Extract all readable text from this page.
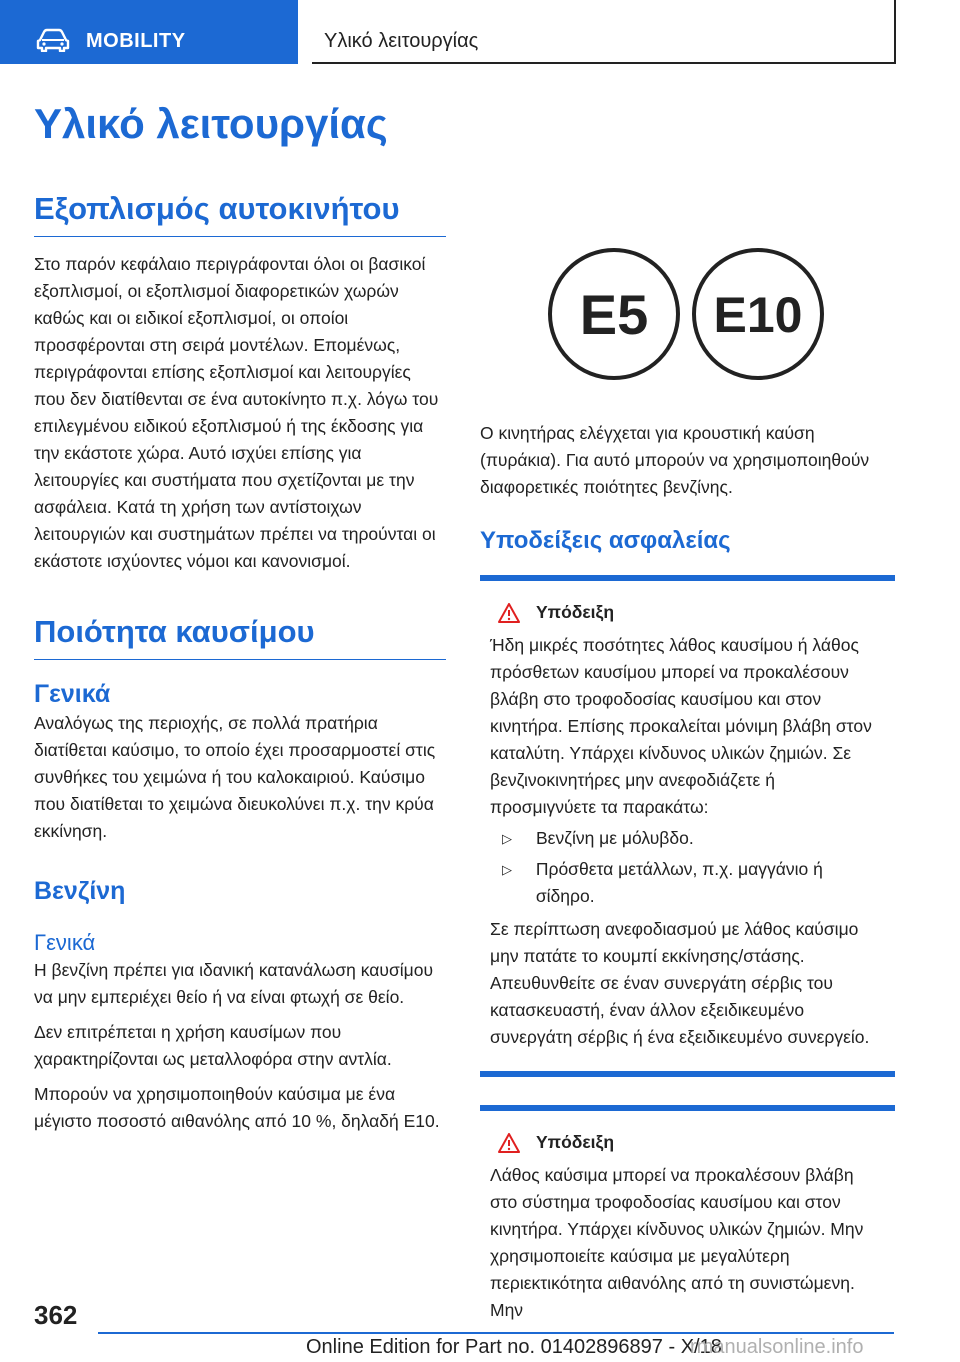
MOBILITY	Υλικό λειτουργίας
Υλικό λειτουργίας
Εξοπλισμός αυτοκινήτου

Στο παρόν κεφάλαιο περιγράφονται όλοι οι βασικοί εξοπλισμοί, οι εξοπλισμοί διαφορετικών χωρών καθώς και οι ειδικοί εξοπλισμοί, οι οποίοι προσφέρονται στη σειρά μοντέλων. Επομένως, περιγράφονται επίσης εξοπλισμοί και λειτουργίες που δεν διατίθενται σε ένα αυτοκίνητο π.χ. λόγω του επιλεγμένου ειδικού εξοπλισμού ή της έκδοσης για την εκάστοτε χώρα. Αυτό ισχύει επίσης για λειτουργίες και συστήματα που σχετίζονται με την ασφάλεια. Κατά τη χρήση των αντίστοιχων λειτουργιών και συστημάτων πρέπει να τηρούνται οι εκάστοτε ισχύοντες νόμοι και κανονισμοί.

Ποιότητα καυσίμου
Γενικά

Αναλόγως της περιοχής, σε πολλά πρατήρια διατίθεται καύσιμο, το οποίο έχει προσαρμοστεί στις συνθήκες του χειμώνα ή του καλοκαιριού. Καύσιμο που διατίθεται το χειμώνα διευκολύνει π.χ. την κρύα εκκίνηση.

Βενζίνη
Γενικά

Η βενζίνη πρέπει για ιδανική κατανάλωση καυσίμου να μην εμπεριέχει θείο ή να είναι φτωχή σε θείο.

Δεν επιτρέπεται η χρήση καυσίμων που χαρακτηρίζονται ως μεταλλοφόρα στην αντλία.

Μπορούν να χρησιμοποιηθούν καύσιμα με ένα μέγιστο ποσοστό αιθανόλης από 10 %, δηλαδή E10.

E5 E10

Ο κινητήρας ελέγχεται για κρουστική καύση (πυράκια). Για αυτό μπορούν να χρησιμοποιηθούν διαφορετικές ποιότητες βενζίνης.

Υποδείξεις ασφαλείας
Υπόδειξη

Ήδη μικρές ποσότητες λάθος καυσίμου ή λάθος πρόσθετων καυσίμου μπορεί να προκαλέσουν βλάβη στο τροφοδοσίας καυσίμου και στον κινητήρα. Επίσης προκαλείται μόνιμη βλάβη στον καταλύτη. Υπάρχει κίνδυνος υλικών ζημιών. Σε βενζινοκινητήρες μην ανεφοδιάζετε ή προσμιγνύετε τα παρακάτω:

▷	Βενζίνη με μόλυβδο.
▷	Πρόσθετα μετάλλων, π.χ. μαγγάνιο ή σίδηρο.

Σε περίπτωση ανεφοδιασμού με λάθος καύσιμο μην πατάτε το κουμπί εκκίνησης/στάσης. Απευθυνθείτε σε έναν συνεργάτη σέρβις του κατασκευαστή, έναν άλλον εξειδικευμένο συνεργάτη σέρβις ή ένα εξειδικευμένο συνεργείο.

Υπόδειξη

Λάθος καύσιμα μπορεί να προκαλέσουν βλάβη στο σύστημα τροφοδοσίας καυσίμου και στον κινητήρα. Υπάρχει κίνδυνος υλικών ζημιών. Μην χρησιμοποιείτε καύσιμα με μεγαλύτερη περιεκτικότητα αιθανόλης από τη συνιστώμενη. Μην

362
Online Edition for Part no. 01402896897 - X/18
rmanualsonline.info
